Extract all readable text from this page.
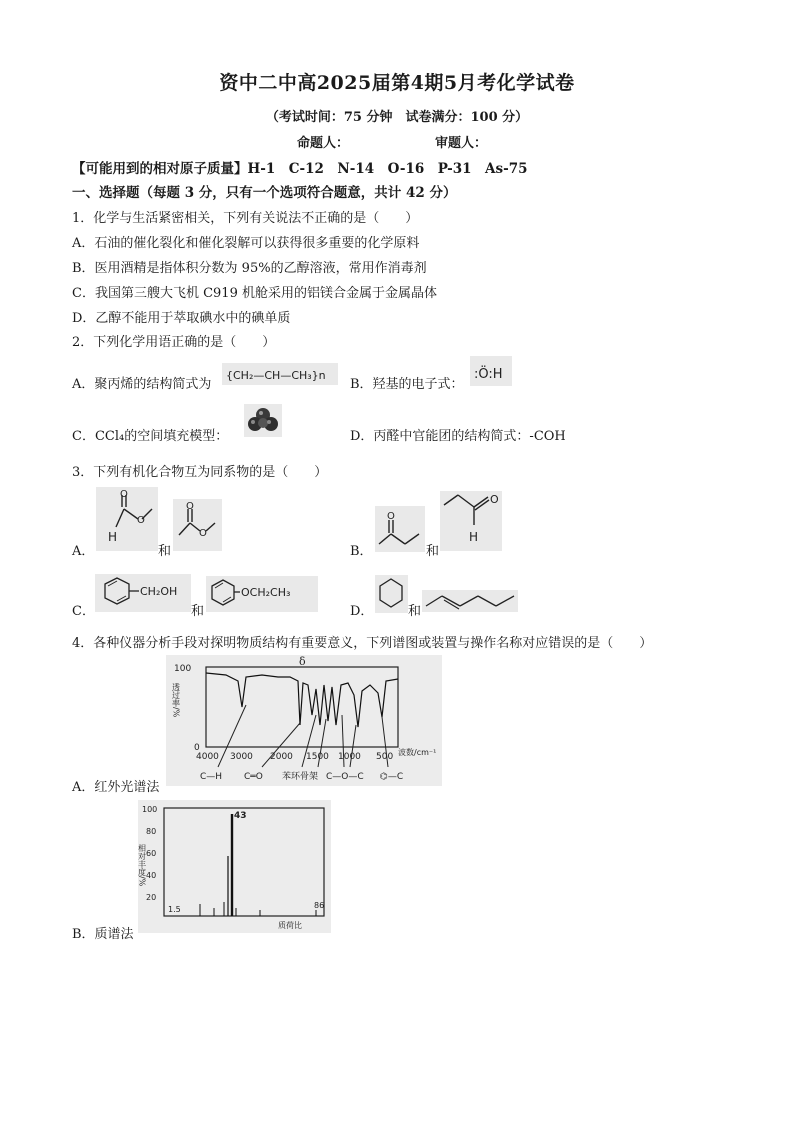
资中二中高2025届第4期5月考化学试卷
（考试时间：75 分钟　试卷满分：100 分）
命题人：	审题人：
【可能用到的相对原子质量】H-1　C-12　N-14　O-16　P-31　As-75
一、选择题（每题 3 分，只有一个选项符合题意，共计 42 分）
1．化学与生活紧密相关，下列有关说法不正确的是（　　）
A．石油的催化裂化和催化裂解可以获得很多重要的化学原料
B．医用酒精是指体积分数为 95%的乙醇溶液，常用作消毒剂
C．我国第三艘大飞机 C919 机舱采用的铝镁合金属于金属晶体
D．乙醇不能用于萃取碘水中的碘单质
2．下列化学用语正确的是（　　）
A．聚丙烯的结构简式为
{CH₂—CH—CH₃}n
B．羟基的电子式：
:Ö:H
C．CCl₄的空间填充模型：	D．丙醛中官能团的结构简式：-COH
3．下列有机化合物互为同系物的是（　　）
A．
O
O
H
和
O
O
B．
O
和
O
H
C．
CH₂OH
和
OCH₂CH₃
D．	和
4．各种仪器分析手段对探明物质结构有重要意义，下列谱图或装置与操作名称对应错误的是（　　）
A．红外光谱法
δ
100
0
透过率/%
4000 3000 2000 1500 1000 500 波数/cm⁻¹
C—H C═O 苯环骨架 C—O—C ⌬—C
B．质谱法
100
80
60
40
20
相对丰度/%
43
1.5	86
质荷比
